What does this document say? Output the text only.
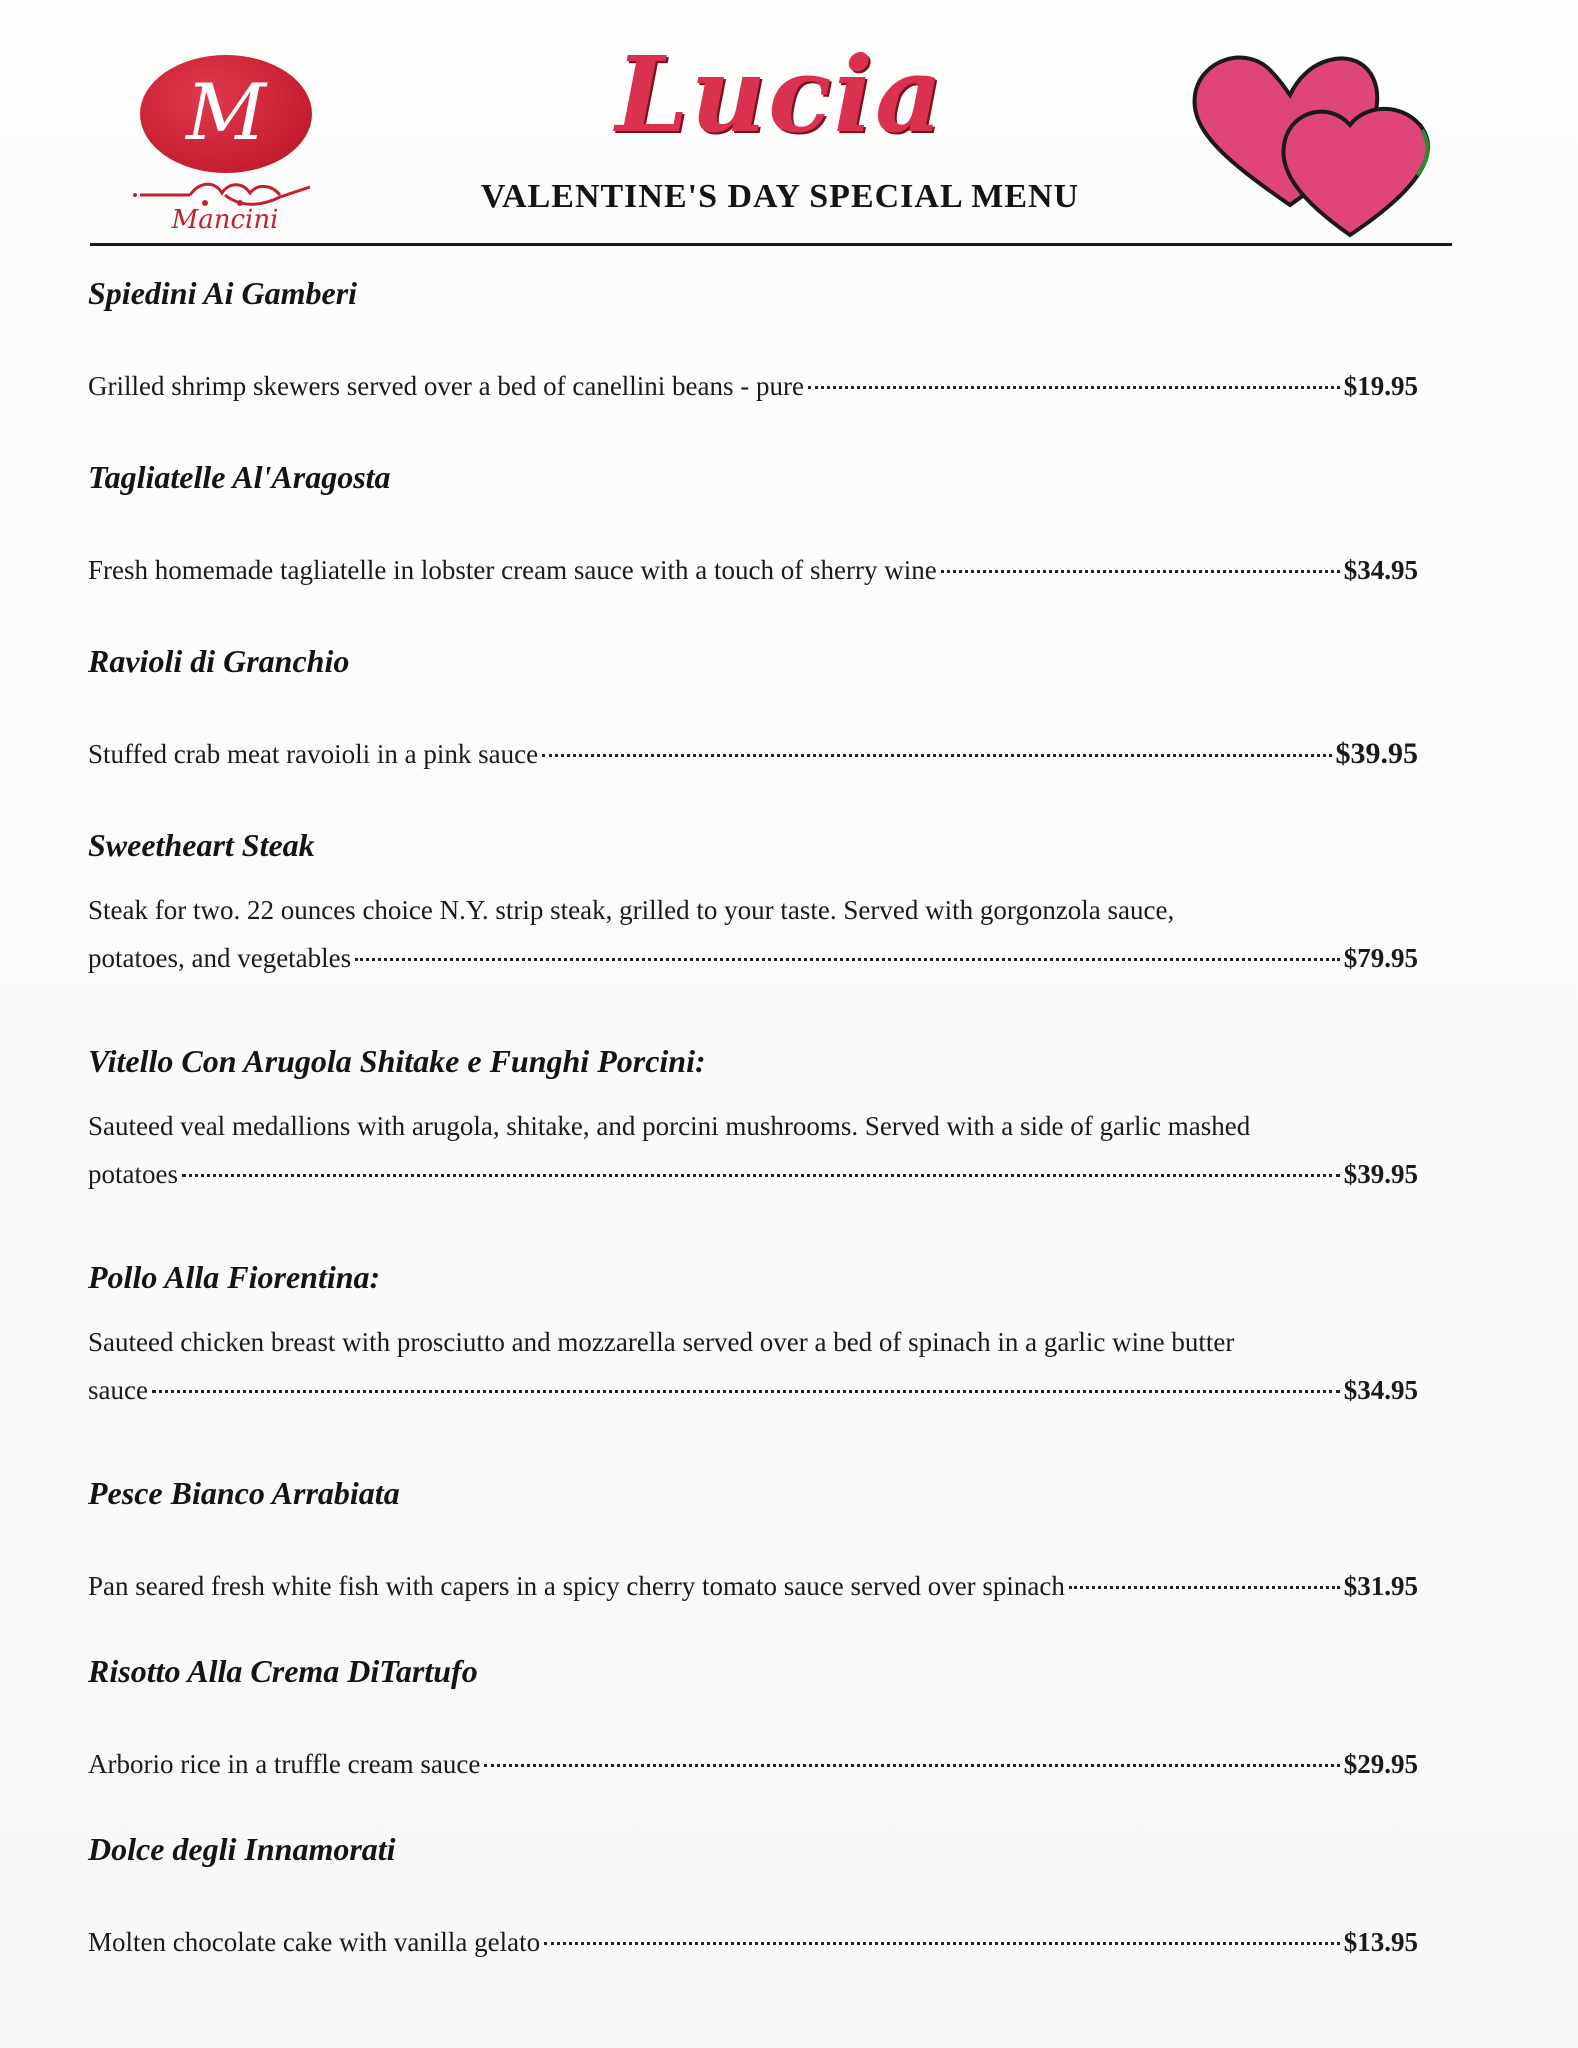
M
Mancini
Lucia
VALENTINE'S DAY SPECIAL MENU
Spiedini Ai Gamberi
Grilled shrimp skewers served over a bed of canellini beans - pure	$19.95
Tagliatelle Al'Aragosta
Fresh homemade tagliatelle in lobster cream sauce with a touch of sherry wine	$34.95
Ravioli di Granchio
Stuffed crab meat ravoioli in a pink sauce	$39.95
Sweetheart Steak
Steak for two. 22 ounces choice N.Y. strip steak, grilled to your taste. Served with gorgonzola sauce,
potatoes, and vegetables	$79.95
Vitello Con Arugola Shitake e Funghi Porcini:
Sauteed veal medallions with arugola, shitake, and porcini mushrooms. Served with a side of garlic mashed
potatoes	$39.95
Pollo Alla Fiorentina:
Sauteed chicken breast with prosciutto and mozzarella served over a bed of spinach in a garlic wine butter
sauce	$34.95
Pesce Bianco Arrabiata
Pan seared fresh white fish with capers in a spicy cherry tomato sauce served over spinach	$31.95
Risotto Alla Crema DiTartufo
Arborio rice in a truffle cream sauce	$29.95
Dolce degli Innamorati
Molten chocolate cake with vanilla gelato	$13.95
